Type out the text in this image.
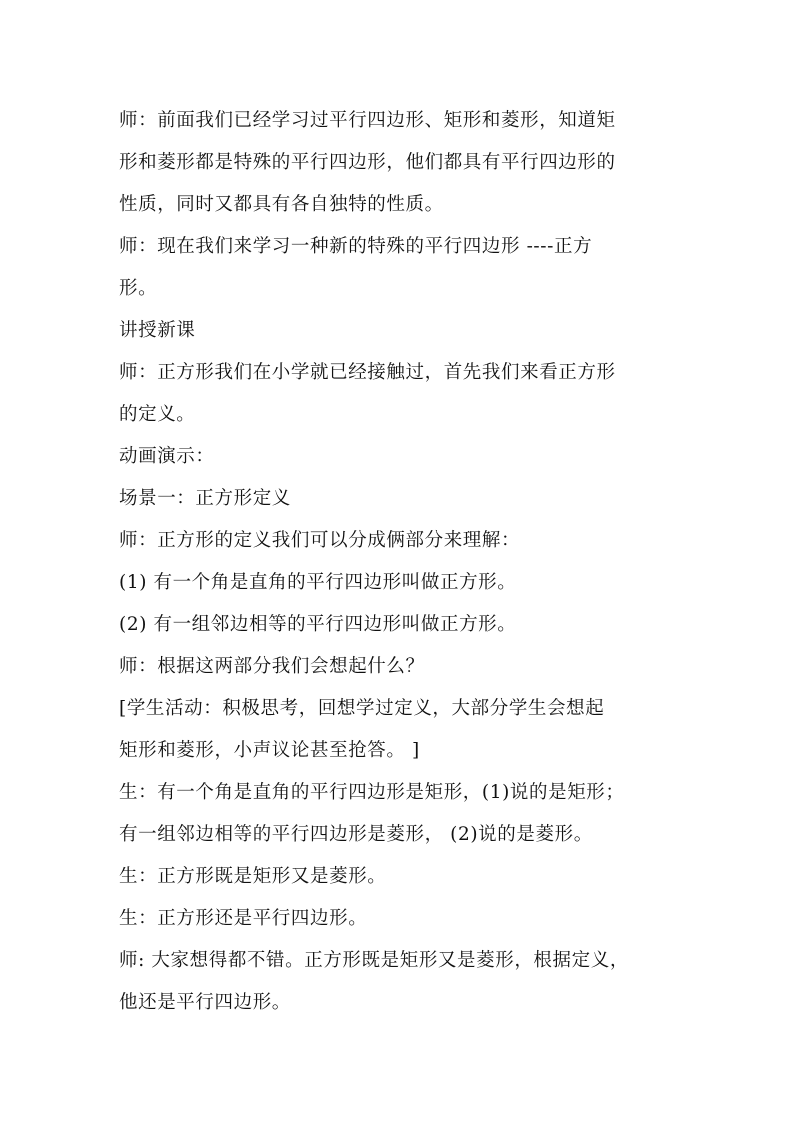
师：前面我们已经学习过平行四边形、矩形和菱形，知道矩
形和菱形都是特殊的平行四边形，他们都具有平行四边形的
性质，同时又都具有各自独特的性质。
师：现在我们来学习一种新的特殊的平行四边形 ----正方
形。
讲授新课
师：正方形我们在小学就已经接触过，首先我们来看正方形
的定义。
动画演示：
场景一：正方形定义
师：正方形的定义我们可以分成俩部分来理解：
(1) 有一个角是直角的平行四边形叫做正方形。
(2) 有一组邻边相等的平行四边形叫做正方形。
师：根据这两部分我们会想起什么？
[学生活动：积极思考，回想学过定义，大部分学生会想起
矩形和菱形，小声议论甚至抢答。 ]
生：有一个角是直角的平行四边形是矩形，(1)说的是矩形；
有一组邻边相等的平行四边形是菱形， (2)说的是菱形。
生：正方形既是矩形又是菱形。
生：正方形还是平行四边形。
师: 大家想得都不错。正方形既是矩形又是菱形，根据定义，
他还是平行四边形。
